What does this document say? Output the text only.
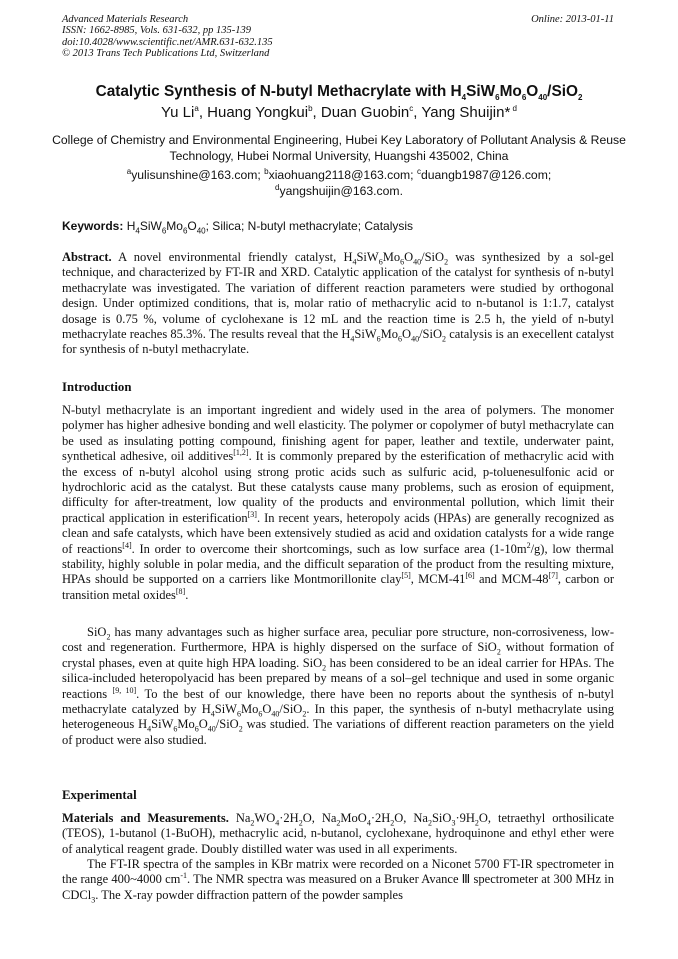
Advanced Materials Research
ISSN: 1662-8985, Vols. 631-632, pp 135-139
doi:10.4028/www.scientific.net/AMR.631-632.135
© 2013 Trans Tech Publications Ltd, Switzerland
Online: 2013-01-11
Catalytic Synthesis of N-butyl Methacrylate with $H_4SiW_6Mo_6O_{40}/SiO_2$
Yu Li$^a$, Huang Yongkui$^b$, Duan Guobin$^c$, Yang Shuijin* $^d$
College of Chemistry and Environmental Engineering, Hubei Key Laboratory of Pollutant Analysis & Reuse Technology, Hubei Normal University, Huangshi 435002, China
$^a$yulisunshine@163.com; $^b$xiaohuang2118@163.com; $^c$duangb1987@126.com;
$^d$yangshuijin@163.com.
Keywords: $H_4SiW_6Mo_6O_{40}$; Silica; N-butyl methacrylate; Catalysis
Abstract. A novel environmental friendly catalyst, $H_4SiW_6Mo_6O_{40}/SiO_2$ was synthesized by a sol-gel technique, and characterized by FT-IR and XRD. Catalytic application of the catalyst for synthesis of n-butyl methacrylate was investigated. The variation of different reaction parameters were studied by orthogonal design. Under optimized conditions, that is, molar ratio of methacrylic acid to n-butanol is 1:1.7, catalyst dosage is 0.75 %, volume of cyclohexane is 12 mL and the reaction time is 2.5 h, the yield of n-butyl methacrylate reaches 85.3%. The results reveal that the $H_4SiW_6Mo_6O_{40}/SiO_2$ catalysis is an execellent catalyst for synthesis of n-butyl methacrylate.
Introduction
N-butyl methacrylate is an important ingredient and widely used in the area of polymers. The monomer polymer has higher adhesive bonding and well elasticity. The polymer or copolymer of butyl methacrylate can be used as insulating potting compound, finishing agent for paper, leather and textile, underwater paint, synthetical adhesive, oil additives[1,2]. It is commonly prepared by the esterification of methacrylic acid with the excess of n-butyl alcohol using strong protic acids such as sulfuric acid, p-toluenesulfonic acid or hydrochloric acid as the catalyst. But these catalysts cause many problems, such as erosion of equipment, difficulty for after-treatment, low quality of the products and environmental pollution, which limit their practical application in esterification[3]. In recent years, heteropoly acids (HPAs) are generally recognized as clean and safe catalysts, which have been extensively studied as acid and oxidation catalysts for a wide range of reactions[4]. In order to overcome their shortcomings, such as low surface area $(1-10m^2/g)$, low thermal stability, highly soluble in polar media, and the difficult separation of the product from the resulting mixture, HPAs should be supported on a carriers like Montmorillonite clay[5], MCM-41[6] and MCM-48[7], carbon or transition metal oxides[8].
SiO$_2$ has many advantages such as higher surface area, peculiar pore structure, non-corrosiveness, low-cost and regeneration. Furthermore, HPA is highly dispersed on the surface of SiO$_2$ without formation of crystal phases, even at quite high HPA loading. SiO$_2$ has been considered to be an ideal carrier for HPAs. The silica-included heteropolyacid has been prepared by means of a sol–gel technique and used in some organic reactions [9, 10]. To the best of our knowledge, there have been no reports about the synthesis of n-butyl methacrylate catalyzed by $H_4SiW_6Mo_6O_{40}/SiO_2$. In this paper, the synthesis of n-butyl methacrylate using heterogeneous $H_4SiW_6Mo_6O_{40}/SiO_2$ was studied. The variations of different reaction parameters on the yield of product were also studied.
Experimental
Materials and Measurements. $Na_2WO_4\cdot 2H_2O$, $Na_2MoO_4\cdot 2H_2O$, $Na_2SiO_3\cdot 9H_2O$, tetraethyl orthosilicate (TEOS), 1-butanol (1-BuOH), methacrylic acid, n-butanol, cyclohexane, hydroquinone and ethyl ether were of analytical reagent grade. Doubly distilled water was used in all experiments.
The FT-IR spectra of the samples in KBr matrix were recorded on a Niconet 5700 FT-IR spectrometer in the range 400~4000 $cm^{-1}$. The NMR spectra was measured on a Bruker Avance Ⅲ spectrometer at 300 MHz in CDCl$_3$. The X-ray powder diffraction pattern of the powder samples
